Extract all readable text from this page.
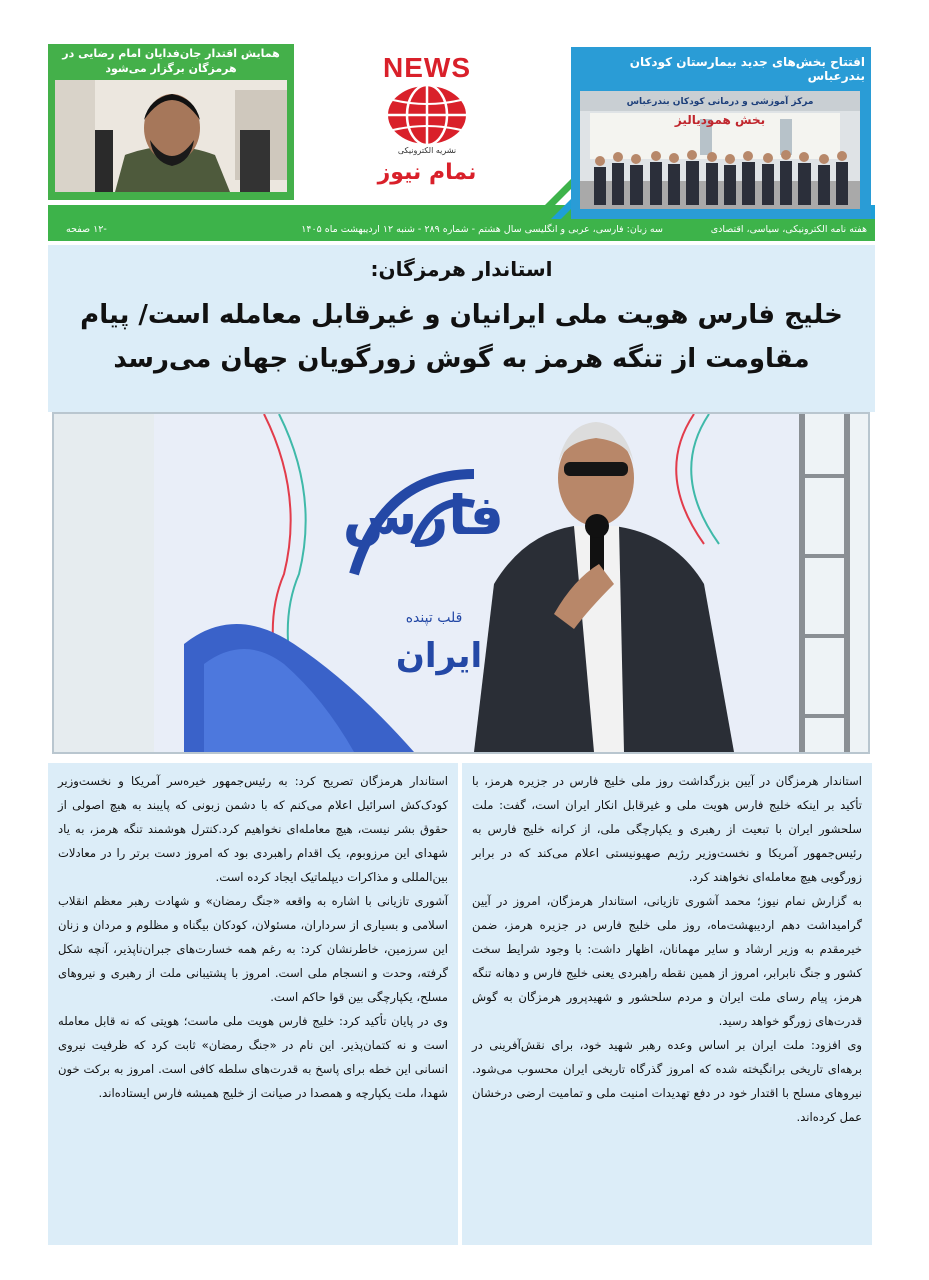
همایش اقتدار جان‌فدایان امام رضایی در هرمزگان برگزار می‌شود	NEWS
نشریه الکترونیکی
نمام نیوز
افتتاح بخش‌های جدید بیمارستان کودکان بندرعباس
مرکز آموزشی و درمانی کودکان بندرعباس
بخش همودیالیز
هفته نامه الکترونیکی، سیاسی، اقتصادی
سه زبان: فارسی، عربی و انگلیسی سال هشتم - شماره ۲۸۹ - شنبه ۱۲ اردیبهشت ماه ۱۴۰۵
-۱۲ صفحه
استاندار هرمزگان:
خلیج فارس هویت ملی ایرانیان و غیرقابل معامله است/ پیام مقاومت از تنگه هرمز به گوش زورگویان جهان می‌رسد
فارس
قلب تپنده
ایران

استاندار هرمزگان در آیین بزرگداشت روز ملی خلیج فارس در جزیره هرمز، با تأکید بر اینکه خلیج فارس هویت ملی و غیرقابل انکار ایران است، گفت: ملت سلحشور ایران با تبعیت از رهبری و یکپارچگی ملی، از کرانه خلیج فارس به رئیس‌جمهور آمریکا و نخست‌وزیر رژیم صهیونیستی اعلام می‌کند که در برابر زورگویی هیچ معامله‌ای نخواهند کرد.

به گزارش نمام نیوز؛ محمد آشوری تازیانی، استاندار هرمزگان، امروز در آیین گرامیداشت دهم اردیبهشت‌ماه، روز ملی خلیج فارس در جزیره هرمز، ضمن خیرمقدم به وزیر ارشاد و سایر مهمانان، اظهار داشت: با وجود شرایط سخت کشور و جنگ نابرابر، امروز از همین نقطه راهبردی یعنی خلیج فارس و دهانه تنگه هرمز، پیام رسای ملت ایران و مردم سلحشور و شهیدپرور هرمزگان به گوش قدرت‌های زورگو خواهد رسید.

وی افزود: ملت ایران بر اساس وعده رهبر شهید خود، برای نقش‌آفرینی در برهه‌ای تاریخی برانگیخته شده که امروز گذرگاه تاریخی ایران محسوب می‌شود. نیروهای مسلح با اقتدار خود در دفع تهدیدات امنیت ملی و تمامیت ارضی درخشان عمل کرده‌اند.

استاندار هرمزگان تصریح کرد: به رئیس‌جمهور خیره‌سر آمریکا و نخست‌وزیر کودک‌کش اسرائیل اعلام می‌کنم که با دشمن زبونی که پایبند به هیچ اصولی از حقوق بشر نیست، هیچ معامله‌ای نخواهیم کرد.کنترل هوشمند تنگه هرمز، به یاد شهدای این مرزوبوم، یک اقدام راهبردی بود که امروز دست برتر را در معادلات بین‌المللی و مذاکرات دیپلماتیک ایجاد کرده است.

آشوری تازیانی با اشاره به واقعه «جنگ رمضان» و شهادت رهبر معظم انقلاب اسلامی و بسیاری از سرداران، مسئولان، کودکان بیگناه و مظلوم و مردان و زنان این سرزمین، خاطرنشان کرد: به رغم همه خسارت‌های جبران‌ناپذیر، آنچه شکل گرفته، وحدت و انسجام ملی است. امروز با پشتیبانی ملت از رهبری و نیروهای مسلح، یکپارچگی بین قوا حاکم است.

وی در پایان تأکید کرد: خلیج فارس هویت ملی ماست؛ هویتی که نه قابل معامله است و نه کتمان‌پذیر. این نام در «جنگ رمضان» ثابت کرد که ظرفیت نیروی انسانی این خطه برای پاسخ به قدرت‌های سلطه کافی است. امروز به برکت خون شهدا، ملت یکپارچه و همصدا در صیانت از خلیج همیشه فارس ایستاده‌اند.
